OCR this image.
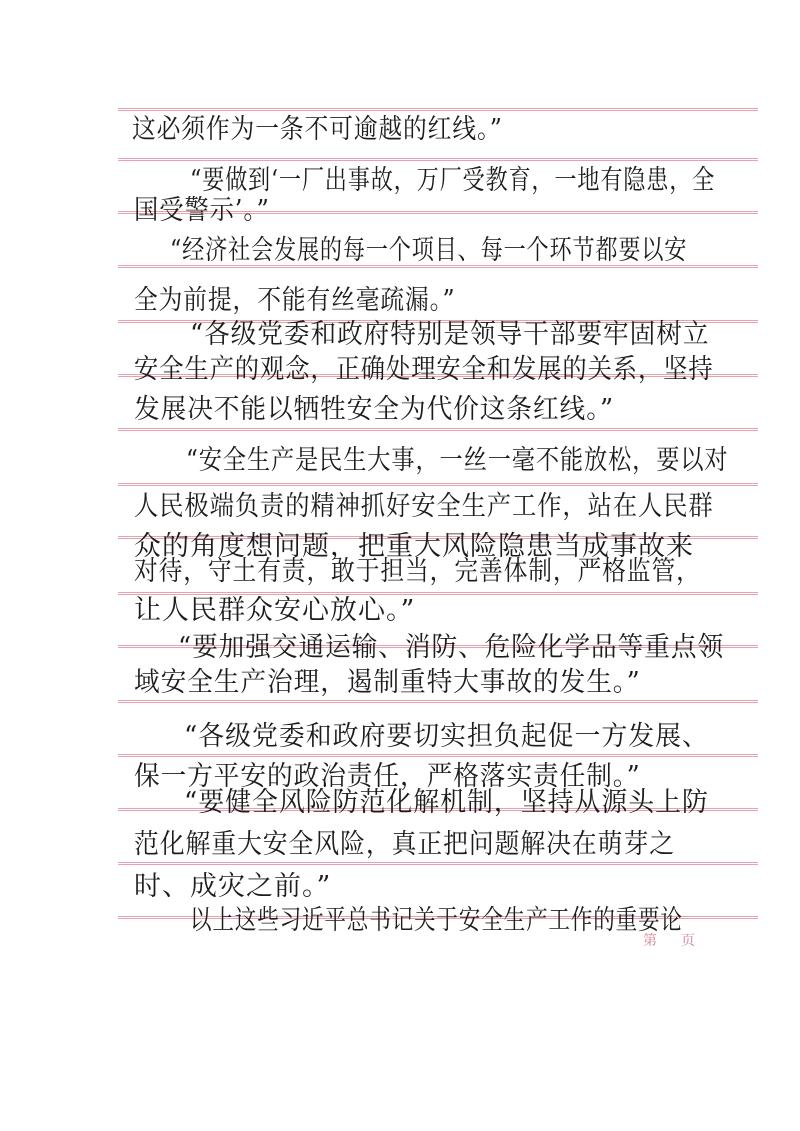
这必须作为一条不可逾越的红线。”
“要做到‘一厂出事故，万厂受教育，一地有隐患，全
国受警示’。”
“经济社会发展的每一个项目、每一个环节都要以安
全为前提，不能有丝毫疏漏。”
“各级党委和政府特别是领导干部要牢固树立
安全生产的观念，正确处理安全和发展的关系，坚持
发展决不能以牺牲安全为代价这条红线。”
“安全生产是民生大事，一丝一毫不能放松，要以对
人民极端负责的精神抓好安全生产工作，站在人民群
众的角度想问题，把重大风险隐患当成事故来
对待，守土有责，敢于担当，完善体制，严格监管，
让人民群众安心放心。”
“要加强交通运输、消防、危险化学品等重点领
域安全生产治理，遏制重特大事故的发生。”
“各级党委和政府要切实担负起促一方发展、
保一方平安的政治责任，严格落实责任制。”
“要健全风险防范化解机制，坚持从源头上防
范化解重大安全风险，真正把问题解决在萌芽之
时、成灾之前。”
以上这些习近平总书记关于安全生产工作的重要论
第 页
